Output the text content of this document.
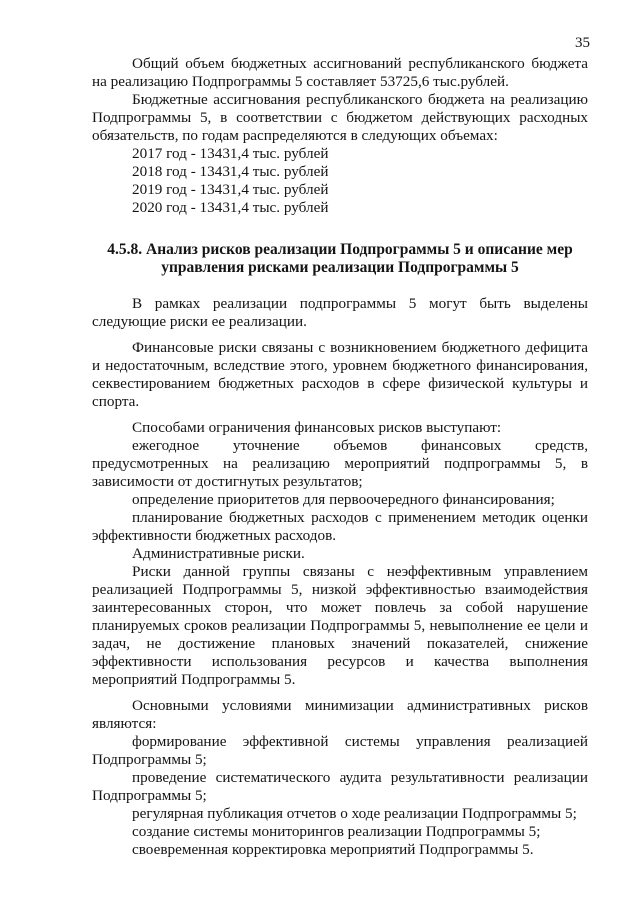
35

Общий объем бюджетных ассигнований республиканского бюджета на реализацию Подпрограммы 5 составляет 53725,6 тыс.рублей.

Бюджетные ассигнования республиканского бюджета на реализацию Подпрограммы 5, в соответствии с бюджетом действующих расходных обязательств, по годам распределяются в следующих объемах:

2017 год - 13431,4 тыс. рублей

2018 год - 13431,4 тыс. рублей

2019 год - 13431,4 тыс. рублей

2020 год - 13431,4 тыс. рублей

4.5.8. Анализ рисков реализации Подпрограммы 5 и описание мер управления рисками реализации Подпрограммы 5

В рамках реализации подпрограммы 5 могут быть выделены следующие риски ее реализации.

Финансовые риски связаны с возникновением бюджетного дефицита и недостаточным, вследствие этого, уровнем бюджетного финансирования, секвестированием бюджетных расходов в сфере физической культуры и спорта.

Способами ограничения финансовых рисков выступают:

ежегодное уточнение объемов финансовых средств, предусмотренных на реализацию мероприятий подпрограммы 5, в зависимости от достигнутых результатов;

определение приоритетов для первоочередного финансирования;

планирование бюджетных расходов с применением методик оценки эффективности бюджетных расходов.

Административные риски.

Риски данной группы связаны с неэффективным управлением реализацией Подпрограммы 5, низкой эффективностью взаимодействия заинтересованных сторон, что может повлечь за собой нарушение планируемых сроков реализации Подпрограммы 5, невыполнение ее цели и задач, не достижение плановых значений показателей, снижение эффективности использования ресурсов и качества выполнения мероприятий Подпрограммы 5.

Основными условиями минимизации административных рисков являются:

формирование эффективной системы управления реализацией Подпрограммы 5;

проведение систематического аудита результативности реализации Подпрограммы 5;

регулярная публикация отчетов о ходе реализации Подпрограммы 5;

создание системы мониторингов реализации Подпрограммы 5;

своевременная корректировка мероприятий Подпрограммы 5.
